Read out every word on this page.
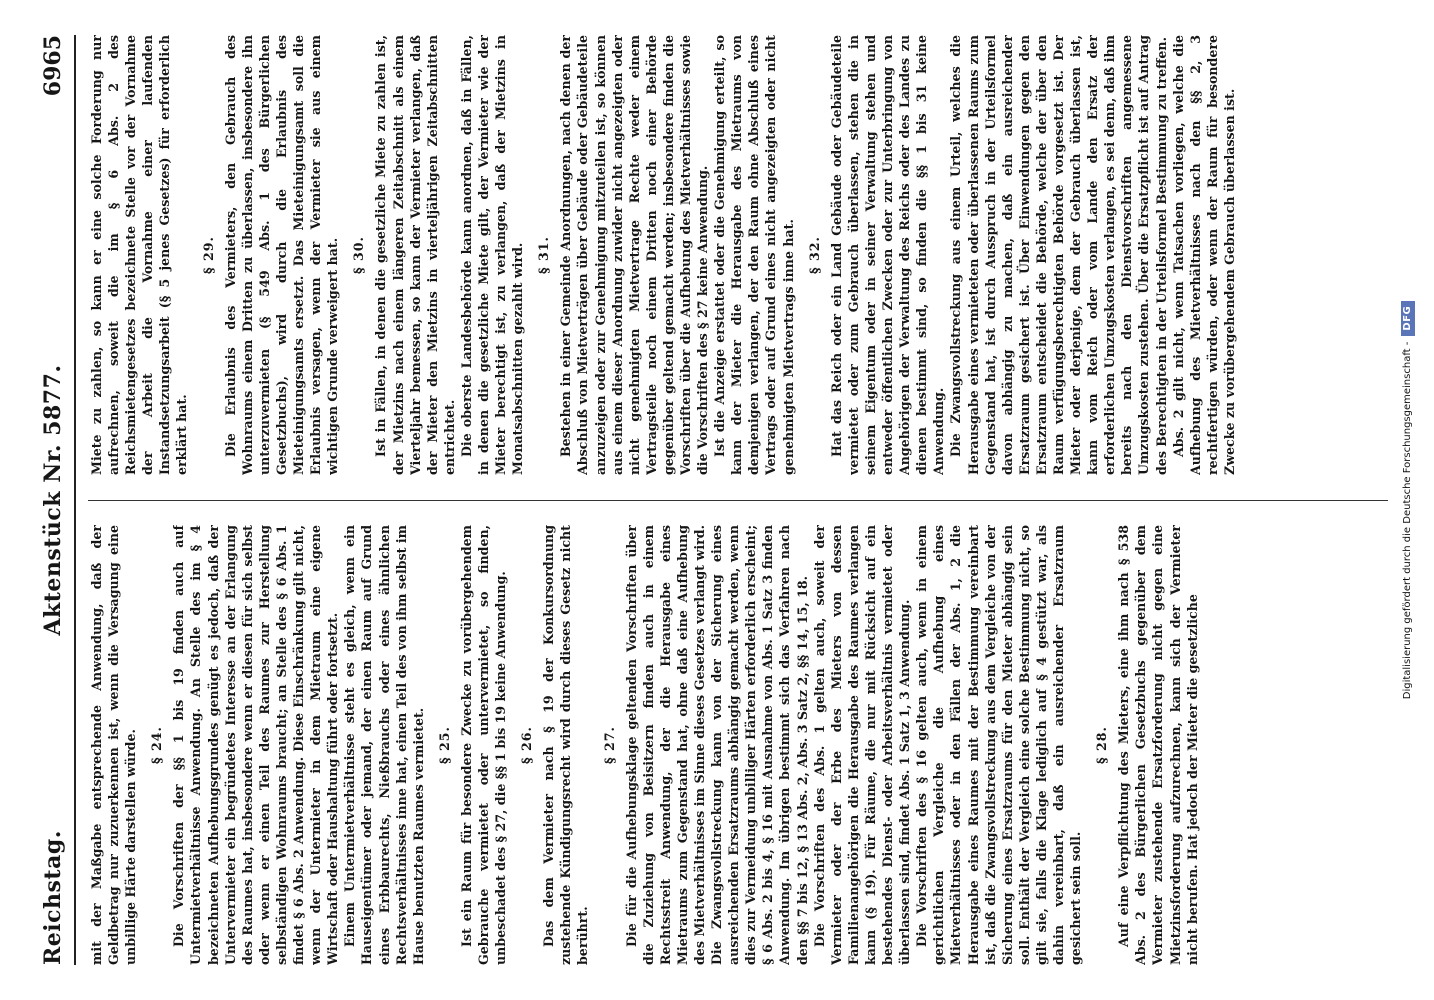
Reichstag.
Aktenstück Nr. 5877.
6965

mit der Maßgabe entsprechende Anwendung, daß der Geldbetrag nur zuzuerkennen ist, wenn die Versagung eine unbillige Härte darstellen würde. § 24. Die Vorschriften der §§ 1 bis 19 finden auch auf Untermietverhältnisse Anwendung. An Stelle des im § 4 bezeichneten Aufhebungsgrundes genügt es jedoch, daß der Untervermieter ein begründetes Interesse an der Erlangung des Raumes hat, insbesondere wenn er diesen für sich selbst oder wenn er einen Teil des Raumes zur Herstellung selbständigen Wohnraums braucht; an Stelle des § 6 Abs. 1 findet § 6 Abs. 2 Anwendung. Diese Einschränkung gilt nicht, wenn der Untermieter in dem Mietraum eine eigene Wirtschaft oder Haushaltung führt oder fortsetzt. Einem Untermietverhältnisse steht es gleich, wenn ein Hauseigentümer oder jemand, der einen Raum auf Grund eines Erbbaurechts, Nießbrauchs oder eines ähnlichen Rechtsverhältnisses inne hat, einen Teil des von ihm selbst im Hause benutzten Raumes vermietet. § 25. Ist ein Raum für besondere Zwecke zu vorübergehendem Gebrauche vermietet oder untervermietet, so finden, unbeschadet des § 27, die §§ 1 bis 19 keine Anwendung. § 26. Das dem Vermieter nach § 19 der Konkursordnung zustehende Kündigungsrecht wird durch dieses Gesetz nicht berührt.

§ 27. Die für die Aufhebungsklage geltenden Vorschriften über die Zuziehung von Beisitzern finden auch in einem Rechtsstreit Anwendung, der die Herausgabe eines Mietraums zum Gegenstand hat, ohne daß eine Aufhebung des Mietverhältnisses im Sinne dieses Gesetzes verlangt wird. Die Zwangsvollstreckung kann von der Sicherung eines ausreichenden Ersatzraums abhängig gemacht werden, wenn dies zur Vermeidung unbilliger Härten erforderlich erscheint; § 6 Abs. 2 bis 4, § 16 mit Ausnahme von Abs. 1 Satz 3 finden Anwendung. Im übrigen bestimmt sich das Verfahren nach den §§ 7 bis 12, § 13 Abs. 2, Abs. 3 Satz 2, §§ 14, 15, 18. Die Vorschriften des Abs. 1 gelten auch, soweit der Vermieter oder der Erbe des Mieters von dessen Familienangehörigen die Herausgabe des Raumes verlangen kann (§ 19). Für Räume, die nur mit Rücksicht auf ein bestehendes Dienst- oder Arbeitsverhältnis vermietet oder überlassen sind, findet Abs. 1 Satz 1, 3 Anwendung. Die Vorschriften des § 16 gelten auch, wenn in einem gerichtlichen Vergleiche die Aufhebung eines Mietverhältnisses oder in den Fällen der Abs. 1, 2 die Herausgabe eines Raumes mit der Bestimmung vereinbart ist, daß die Zwangsvollstreckung aus dem Vergleiche von der Sicherung eines Ersatzraums für den Mieter abhängig sein soll. Enthält der Vergleich eine solche Bestimmung nicht, so gilt sie, falls die Klage lediglich auf § 4 gestützt war, als dahin vereinbart, daß ein ausreichender Ersatzraum gesichert sein soll.

§ 28. Auf eine Verpflichtung des Mieters, eine ihm nach § 538 Abs. 2 des Bürgerlichen Gesetzbuchs gegenüber dem Vermieter zustehende Ersatzforderung nicht gegen eine Mietzinsforderung aufzurechnen, kann sich der Vermieter nicht berufen. Hat jedoch der Mieter die gesetzliche

Miete zu zahlen, so kann er eine solche Forderung nur aufrechnen, soweit die im § 6 Abs. 2 des Reichsmietengesetzes bezeichnete Stelle vor der Vornahme der Arbeit die Vornahme einer laufenden Instandsetzungsarbeit (§ 5 jenes Gesetzes) für erforderlich erklärt hat.

§ 29. Die Erlaubnis des Vermieters, den Gebrauch des Wohnraums einem Dritten zu überlassen, insbesondere ihn unterzuvermieten (§ 549 Abs. 1 des Bürgerlichen Gesetzbuchs), wird durch die Erlaubnis des Mieteinigungsamts ersetzt. Das Mieteinigungsamt soll die Erlaubnis versagen, wenn der Vermieter sie aus einem wichtigen Grunde verweigert hat. § 30. Ist in Fällen, in denen die gesetzliche Miete zu zahlen ist, der Mietzins nach einem längeren Zeitabschnitt als einem Vierteljahr bemessen, so kann der Vermieter verlangen, daß der Mieter den Mietzins in vierteljährigen Zeitabschnitten entrichtet. Die oberste Landesbehörde kann anordnen, daß in Fällen, in denen die gesetzliche Miete gilt, der Vermieter wie der Mieter berechtigt ist, zu verlangen, daß der Mietzins in Monatsabschnitten gezahlt wird. § 31. Bestehen in einer Gemeinde Anordnungen, nach denen der Abschluß von Mietverträgen über Gebäude oder Gebäudeteile anzuzeigen oder zur Genehmigung mitzuteilen ist, so können aus einem dieser Anordnung zuwider nicht angezeigten oder nicht genehmigten Mietvertrage Rechte weder einem Vertragsteile noch einem Dritten noch einer Behörde gegenüber geltend gemacht werden; insbesondere finden die Vorschriften über die Aufhebung des Mietverhältnisses sowie die Vorschriften des § 27 keine Anwendung. Ist die Anzeige erstattet oder die Genehmigung erteilt, so kann der Mieter die Herausgabe des Mietraums von demjenigen verlangen, der den Raum ohne Abschluß eines Vertrags oder auf Grund eines nicht angezeigten oder nicht genehmigten Mietvertrags inne hat. § 32. Hat das Reich oder ein Land Gebäude oder Gebäudeteile vermietet oder zum Gebrauch überlassen, stehen die in seinem Eigentum oder in seiner Verwaltung stehen und entweder öffentlichen Zwecken oder zur Unterbringung von Angehörigen der Verwaltung des Reichs oder des Landes zu dienen bestimmt sind, so finden die §§ 1 bis 31 keine Anwendung. Die Zwangsvollstreckung aus einem Urteil, welches die Herausgabe eines vermieteten oder überlassenen Raums zum Gegenstand hat, ist durch Ausspruch in der Urteilsformel davon abhängig zu machen, daß ein ausreichender Ersatzraum gesichert ist. Über Einwendungen gegen den Ersatzraum entscheidet die Behörde, welche der über den Raum verfügungsberechtigten Behörde vorgesetzt ist. Der Mieter oder derjenige, dem der Gebrauch überlassen ist, kann vom Reich oder vom Lande den Ersatz der erforderlichen Umzugskosten verlangen, es sei denn, daß ihm bereits nach den Dienstvorschriften angemessene Umzugskosten zustehen. Über die Ersatzpflicht ist auf Antrag des Berechtigten in der Urteilsformel Bestimmung zu treffen. Abs. 2 gilt nicht, wenn Tatsachen vorliegen, welche die Aufhebung des Mietverhältnisses nach den §§ 2, 3 rechtfertigen würden, oder wenn der Raum für besondere Zwecke zu vorübergehendem Gebrauch überlassen ist.

Digitalisierung gefördert durch die Deutsche Forschungsgemeinschaft -DFG
